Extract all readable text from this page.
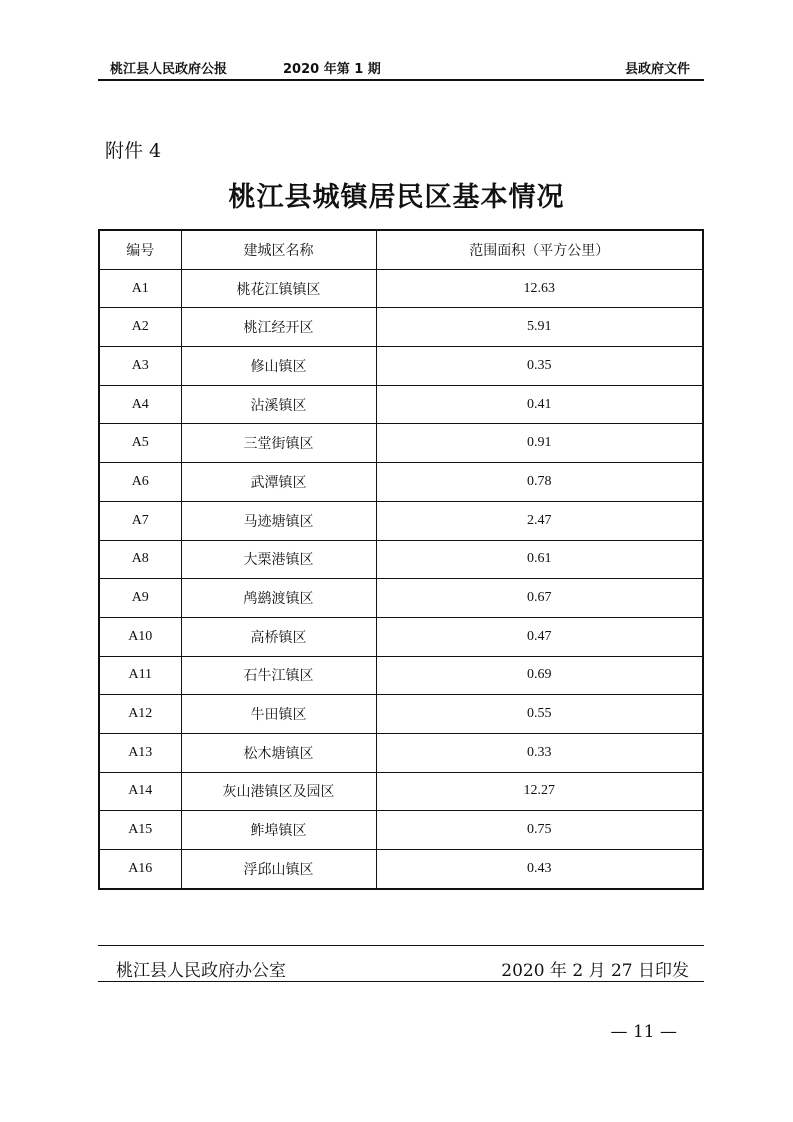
桃江县人民政府公报	2020 年第 1 期	县政府文件
附件 4
桃江县城镇居民区基本情况
编号	建城区名称	范围面积（平方公里）
A1	桃花江镇镇区	12.63
A2	桃江经开区	5.91
A3	修山镇区	0.35
A4	沾溪镇区	0.41
A5	三堂街镇区	0.91
A6	武潭镇区	0.78
A7	马迹塘镇区	2.47
A8	大栗港镇区	0.61
A9	鸬鹚渡镇区	0.67
A10	高桥镇区	0.47
A11	石牛江镇区	0.69
A12	牛田镇区	0.55
A13	松木塘镇区	0.33
A14	灰山港镇区及园区	12.27
A15	鲊埠镇区	0.75
A16	浮邱山镇区	0.43
桃江县人民政府办公室	2020 年 2 月 27 日印发
— 11 —
